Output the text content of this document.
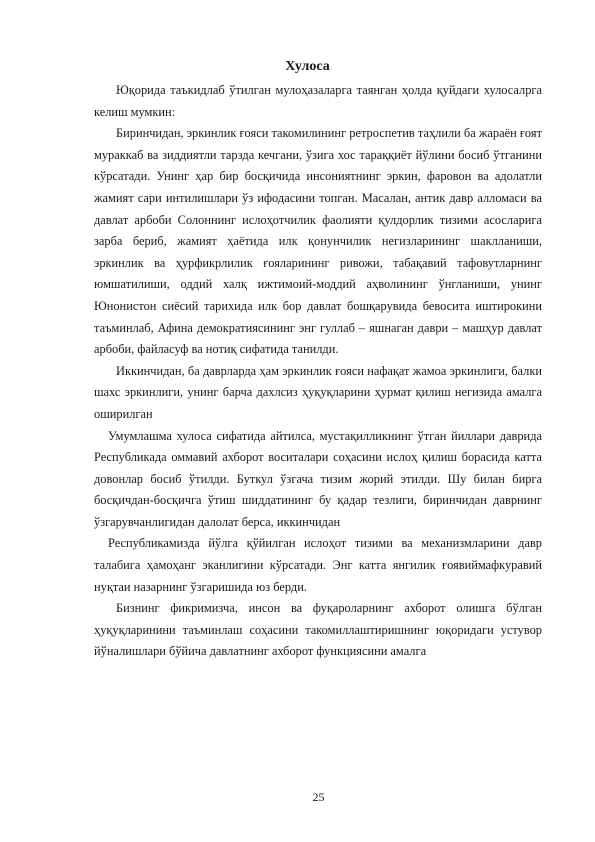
Хулоса

Юқорида таъкидлаб ўтилган мулоҳазаларга таянган ҳолда қуйдаги хулосалрга келиш мумкин:

Биринчидан, эркинлик ғояси такомилининг ретроспетив таҳлили ба жараён ғоят мураккаб ва зиддиятли тарзда кечгани, ўзига хос тараққиёт йўлини босиб ўтганини кўрсатади. Унинг ҳар бир босқичида инсониятнинг эркин, фаровон ва адолатли жамият сари интилишлари ўз ифодасини топган. Масалан, антик давр алломаси ва давлат арбоби Солоннинг ислоҳотчилик фаолияти қулдорлик тизими асосларига зарба бериб, жамият ҳаётида илк қонунчилик негизларининг шаклланиши, эркинлик ва ҳурфикрлилик ғояларининг ривожи, табақавий тафовутларнинг юмшатилиши, оддий халқ ижтимоий-моддий аҳволининг ўнгланиши, унинг Юнонистон сиёсий тарихида илк бор давлат бошқарувида бевосита иштирокини таъминлаб, Афина демократиясининг энг гуллаб – яшнаган даври – машҳур давлат арбоби, файласуф ва нотиқ сифатида танилди.

Иккинчидан, ба даврларда ҳам эркинлик ғояси нафақат жамоа эркинлиги, балки шахс эркинлиги, унинг барча дахлсиз ҳуқуқларини ҳурмат қилиш негизида амалга оширилган

Умумлашма хулоса сифатида айтилса, мустақилликнинг ўтган йиллари даврида Республикада оммавий ахборот воситалари соҳасини ислоҳ қилиш борасида катта довонлар босиб ўтилди. Буткул ўзгача тизим жорий этилди. Шу билан бирга босқичдан-босқичга ўтиш шиддатининг бу қадар тезлиги, биринчидан даврнинг ўзгарувчанлигидан далолат берса, иккинчидан

Республикамизда йўлга қўйилган ислоҳот тизими ва механизмларини давр талабига ҳамоҳанг эканлигини кўрсатади. Энг катта янгилик ғоявиймафкуравий нуқтаи назарнинг ўзгаришида юз берди.

Бизнинг фикримизча, инсон ва фуқароларнинг ахборот олишга бўлган ҳуқуқларинини таъминлаш соҳасини такомиллаштиришнинг юқоридаги устувор йўналишлари бўйича давлатнинг ахборот функциясини амалга

25
